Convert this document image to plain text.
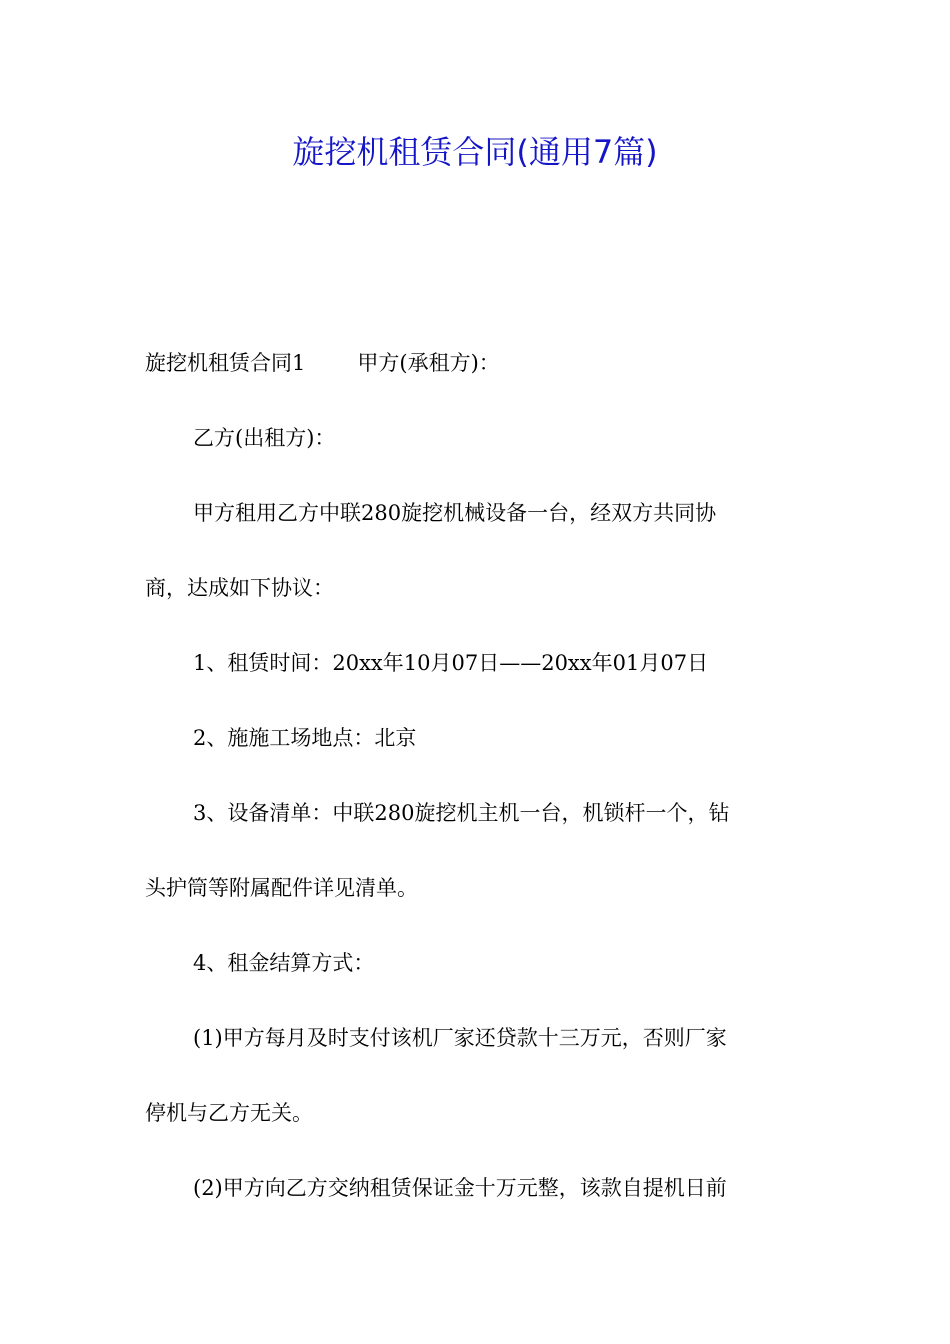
旋挖机租赁合同(通用7篇)
旋挖机租赁合同1 甲方(承租方)：
乙方(出租方)：
甲方租用乙方中联280旋挖机械设备一台，经双方共同协
商，达成如下协议：
1、租赁时间：20xx年10月07日——20xx年01月07日
2、施施工场地点：北京
3、设备清单：中联280旋挖机主机一台，机锁杆一个，钻
头护筒等附属配件详见清单。
4、租金结算方式：
(1)甲方每月及时支付该机厂家还贷款十三万元，否则厂家
停机与乙方无关。
(2)甲方向乙方交纳租赁保证金十万元整，该款自提机日前
